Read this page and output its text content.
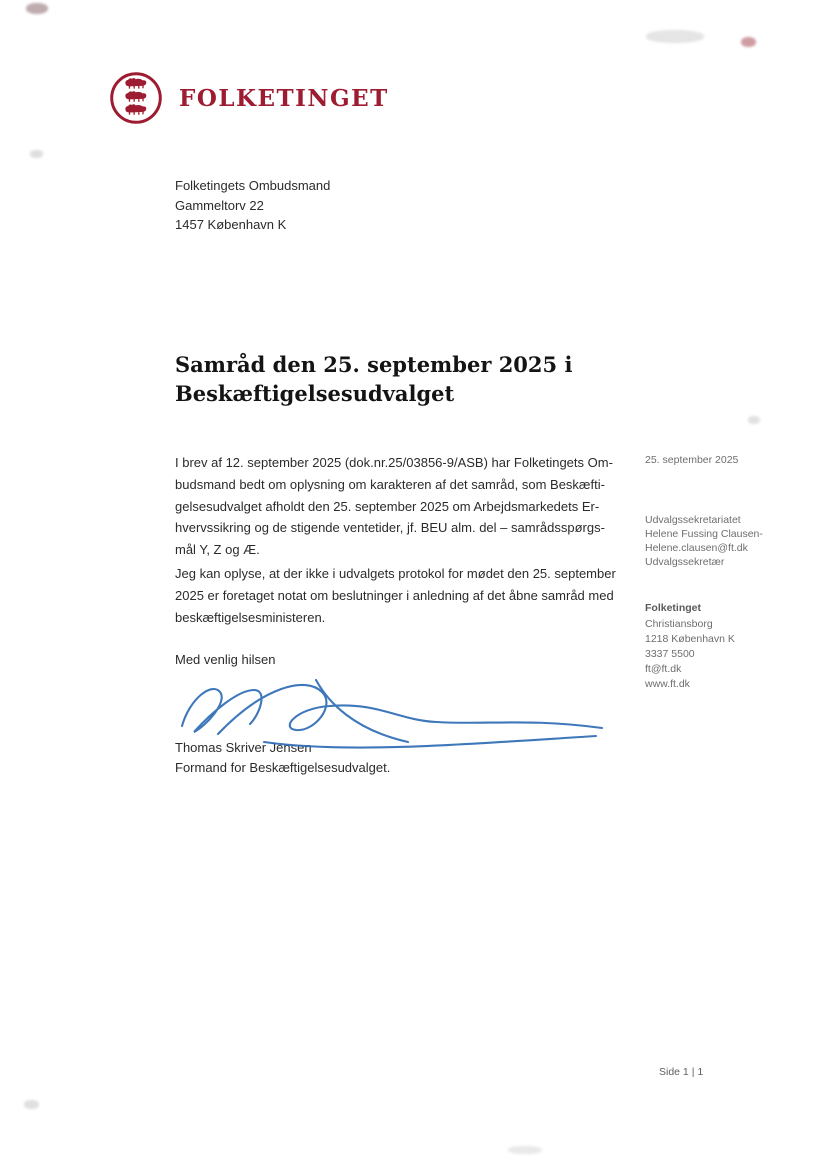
FOLKETINGET
Folketingets Ombudsmand
Gammeltorv 22
1457 København K
Samråd den 25. september 2025 i
Beskæftigelsesudvalget
I brev af 12. september 2025 (dok.nr.25/03856-9/ASB) har Folketingets Om-
budsmand bedt om oplysning om karakteren af det samråd, som Beskæfti-
gelsesudvalget afholdt den 25. september 2025 om Arbejdsmarkedets Er-
hvervssikring og de stigende ventetider, jf. BEU alm. del – samrådsspørgs-
mål Y, Z og Æ.
Jeg kan oplyse, at der ikke i udvalgets protokol for mødet den 25. september
2025 er foretaget notat om beslutninger i anledning af det åbne samråd med
beskæftigelsesministeren.
Med venlig hilsen
Thomas Skriver Jensen
Formand for Beskæftigelsesudvalget.
25. september 2025
Udvalgssekretariatet
Helene Fussing Clausen-
Helene.clausen@ft.dk
Udvalgssekretær
Folketinget
Christiansborg
1218 København K
3337 5500
ft@ft.dk
www.ft.dk
Side 1 | 1
